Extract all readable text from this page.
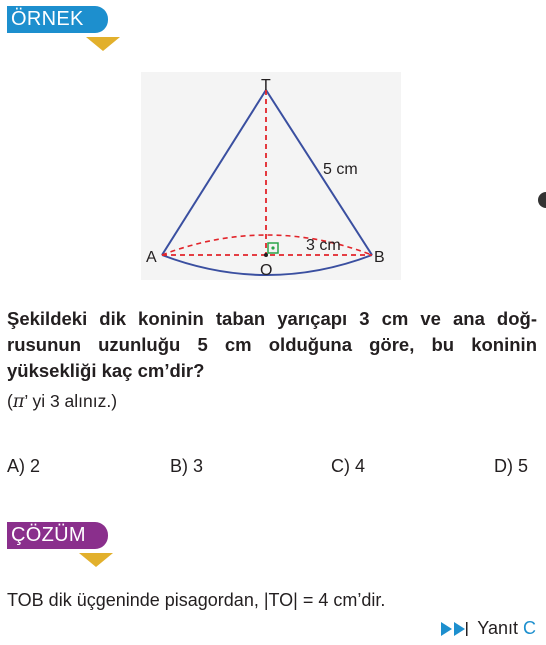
ÖRNEK
T
O
A	B
5 cm
3 cm
Şekildeki dik koninin taban yarıçapı 3 cm ve ana doğ-
rusunun uzunluğu 5 cm olduğuna göre, bu koninin
yüksekliği kaç cm’dir?
(π’ yi 3 alınız.)
A) 2	B) 3	C) 4	D) 5
ÇÖZÜM
TOB dik üçgeninde pisagordan, |TO| = 4 cm’dir.
Yanıt C
